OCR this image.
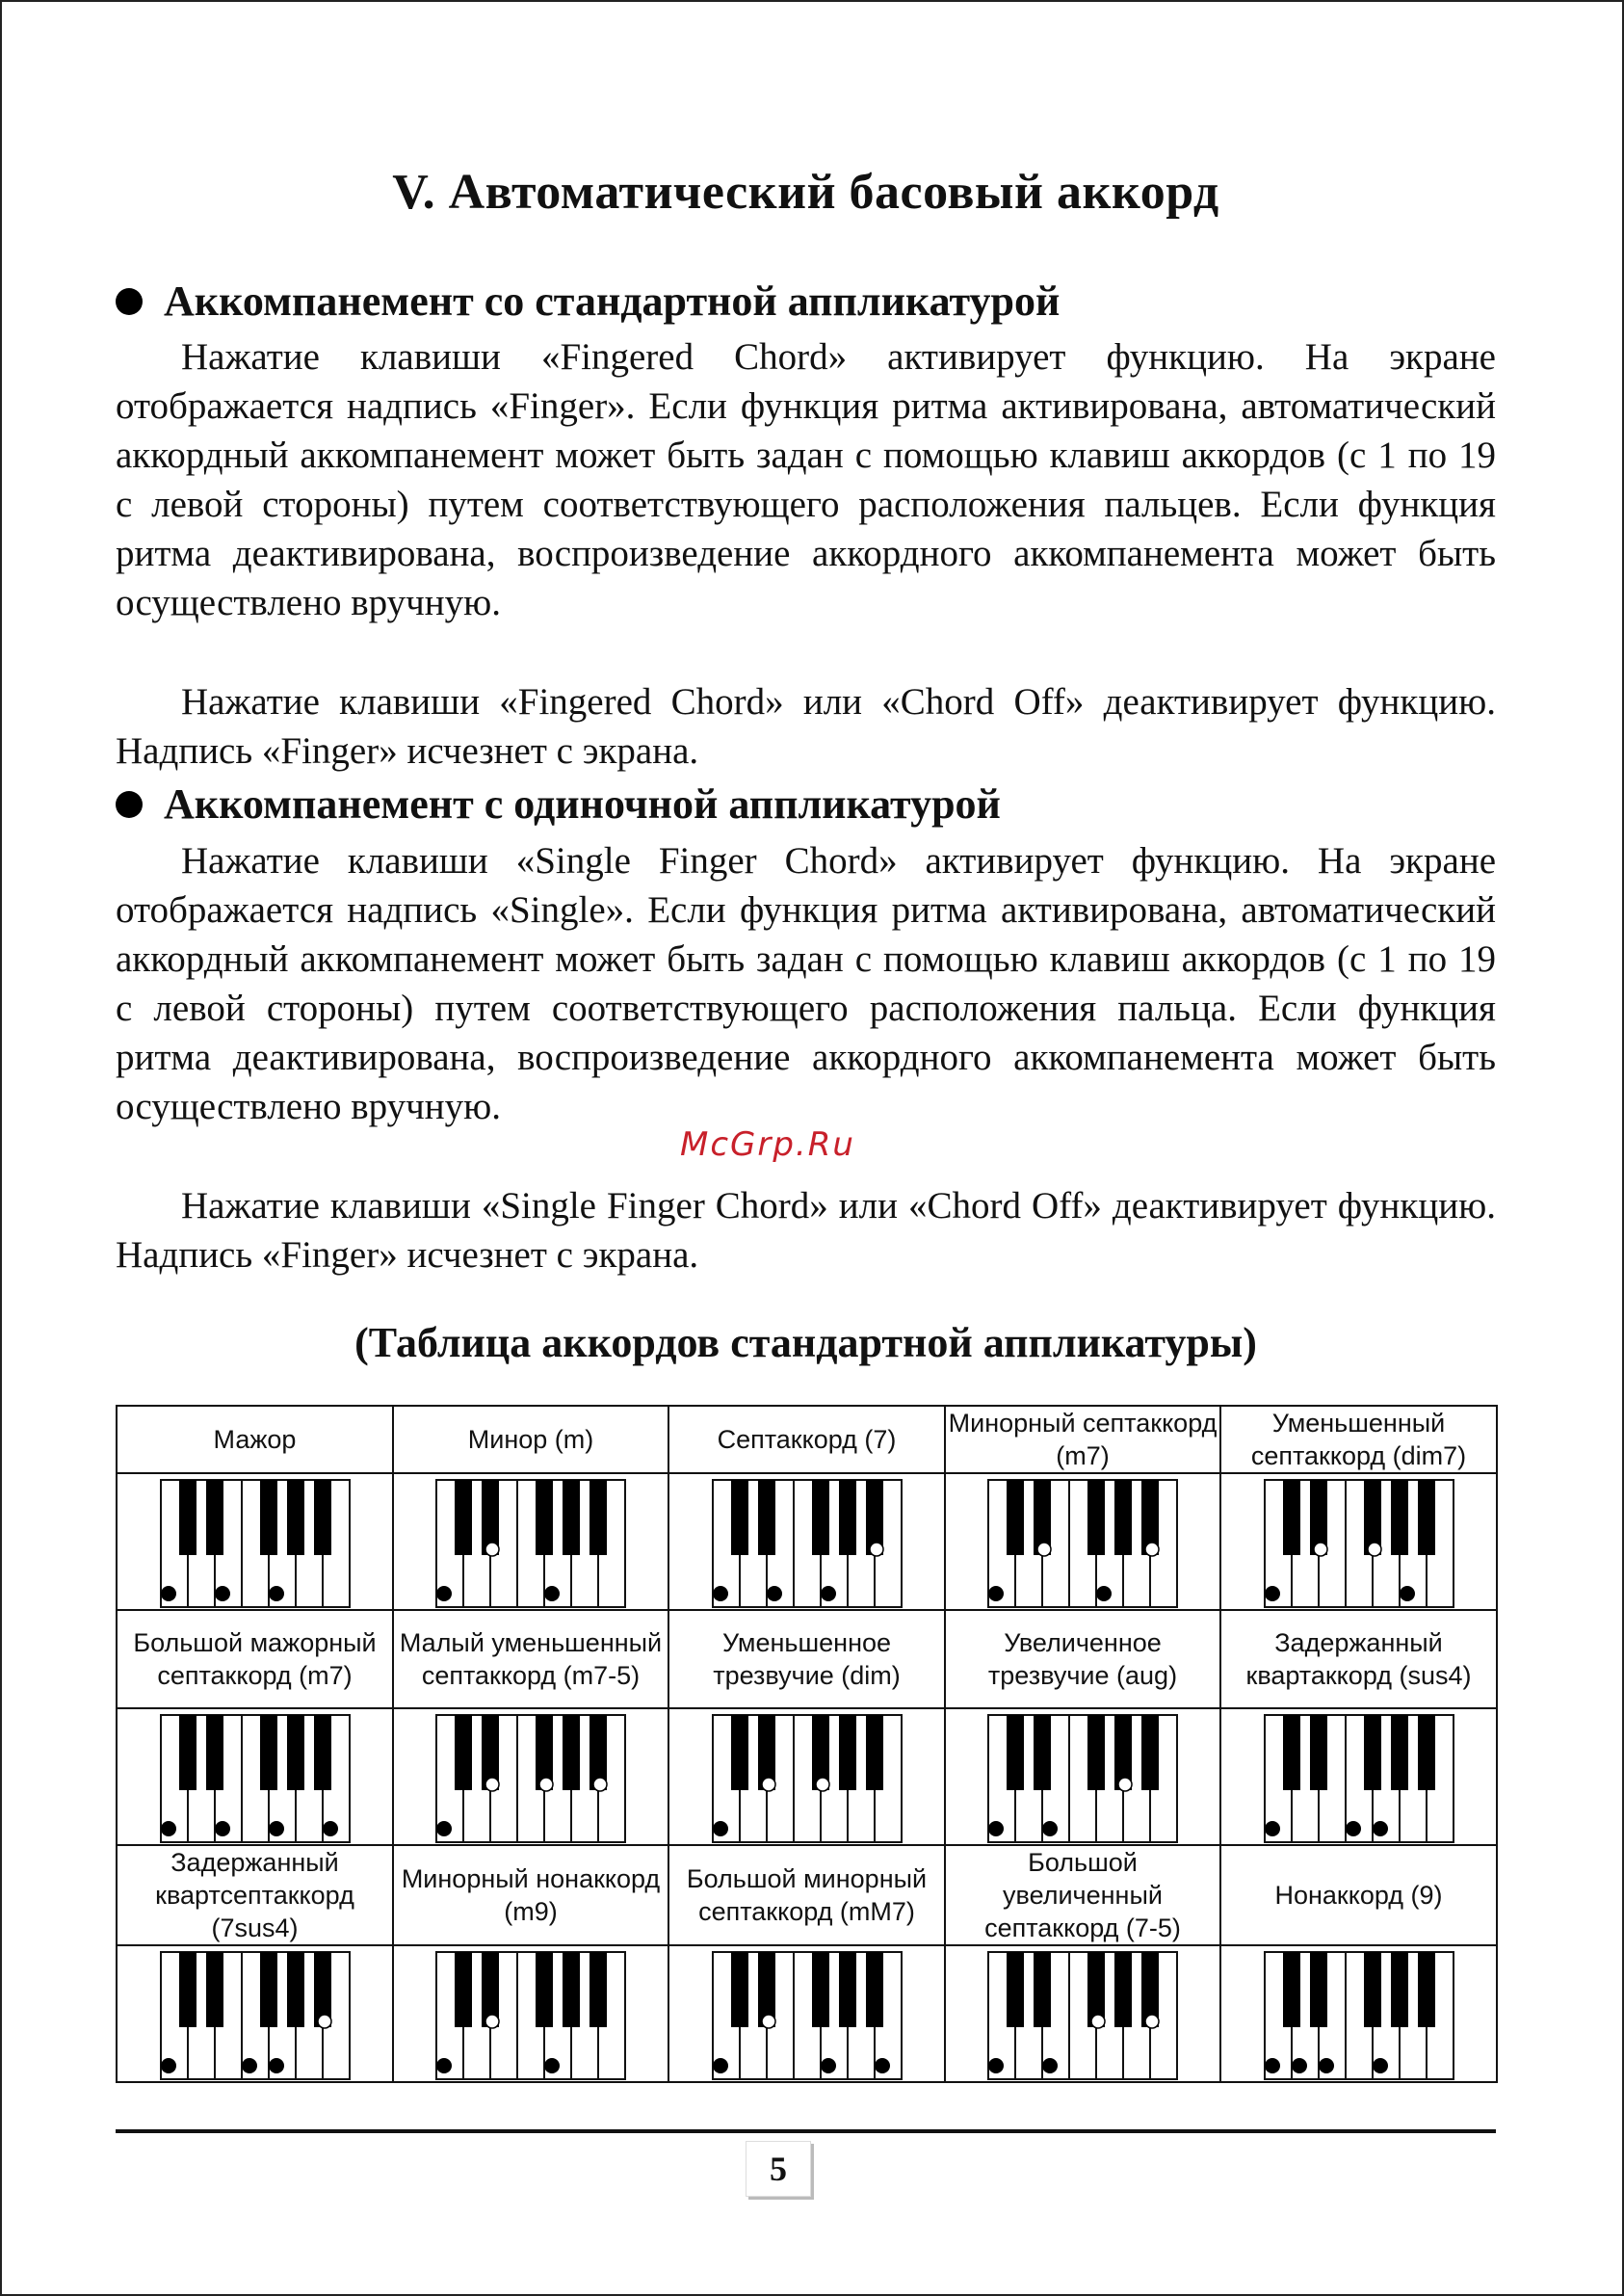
V. Автоматический басовый аккорд
Аккомпанемент со стандартной аппликатурой

Нажатие клавиши «Fingered Chord» активирует функцию. На экране отображается надпись «Finger». Если функция ритма активирована, автоматический аккордный аккомпанемент может быть задан с помощью клавиш аккордов (с 1 по 19 с левой стороны) путем соответствующего расположения пальцев. Если функция ритма деактивирована, воспроизведение аккордного аккомпанемента может быть осуществлено вручную.

Нажатие клавиши «Fingered Chord» или «Chord Off» деактивирует функцию. Надпись «Finger» исчезнет с экрана.

Аккомпанемент с одиночной аппликатурой

Нажатие клавиши «Single Finger Chord» активирует функцию. На экране отображается надпись «Single». Если функция ритма активирована, автоматический аккордный аккомпанемент может быть задан с помощью клавиш аккордов (с 1 по 19 с левой стороны) путем соответствующего расположения пальца. Если функция ритма деактивирована, воспроизведение аккордного аккомпанемента может быть осуществлено вручную.

Нажатие клавиши «Single Finger Chord» или «Chord Off» деактивирует функцию. Надпись «Finger» исчезнет с экрана.

(Таблица аккордов стандартной аппликатуры)
Мажор	Минор (m)	Септаккорд (7)	Минорный септаккорд (m7)	Уменьшенный септаккорд (dim7)

Большой мажорный септаккорд (m7)	Малый уменьшенный септаккорд (m7-5)	Уменьшенное трезвучие (dim)	Увеличенное трезвучие (aug)	Задержанный квартаккорд (sus4)

Задержанный квартсептаккорд (7sus4)	Минорный нонаккорд (m9)	Большой минорный септаккорд (mM7)	Большой увеличенный септаккорд (7-5)	Нонаккорд (9)

5
McGrp.Ru
